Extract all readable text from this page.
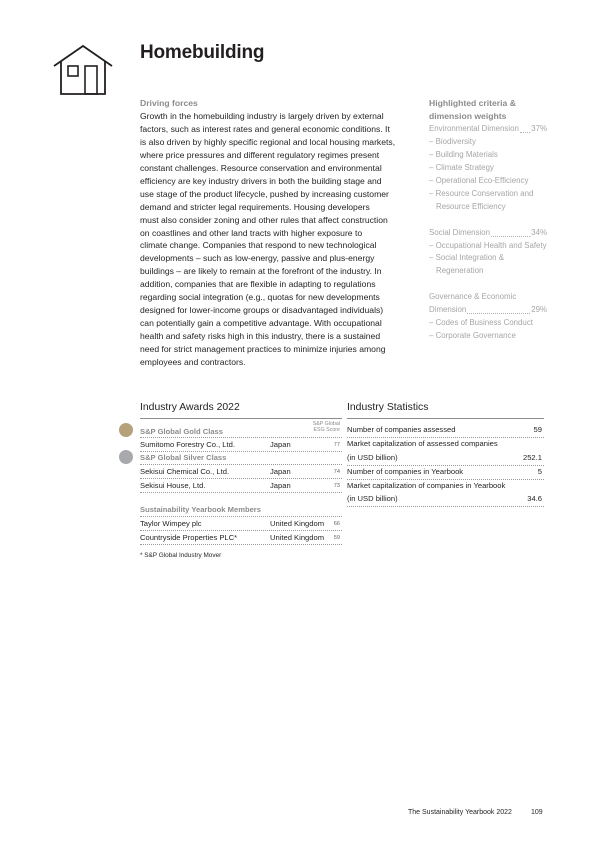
Homebuilding
Driving forces

Growth in the homebuilding industry is largely driven by external

factors, such as interest rates and general economic conditions. It

is also driven by highly specific regional and local housing markets,

where price pressures and different regulatory regimes present

constant challenges. Resource conservation and environmental

efficiency are key industry drivers in both the building stage and

use stage of the product lifecycle, pushed by increasing customer

demand and stricter legal requirements. Housing developers

must also consider zoning and other rules that affect construction

on coastlines and other land tracts with higher exposure to

climate change. Companies that respond to new technological

developments – such as low-energy, passive and plus-energy

buildings – are likely to remain at the forefront of the industry. In

addition, companies that are flexible in adapting to regulations

regarding social integration (e.g., quotas for new developments

designed for lower-income groups or disadvantaged individuals)

can potentially gain a competitive advantage. With occupational

health and safety risks high in this industry, there is a sustained

need for strict management practices to minimize injuries among

employees and contractors.

Highlighted criteria &
dimension weights
Environmental Dimension 37%
– Biodiversity
– Building Materials
– Climate Strategy
– Operational Eco-Efficiency
– Resource Conservation and Resource Efficiency
Social Dimension	34%
– Occupational Health and Safety
– Social Integration & Regeneration
Governance & Economic
Dimension	29%
– Codes of Business Conduct
– Corporate Governance
Industry Awards 2022
S&P Global Gold Class
S&P Global
ESG Score
Sumitomo Forestry Co., Ltd.	Japan	77
S&P Global Silver Class
Sekisui Chemical Co., Ltd.	Japan	74
Sekisui House, Ltd.	Japan	73
Sustainability Yearbook Members
Taylor Wimpey plc	United Kingdom 66
Countryside Properties PLC*	United Kingdom 59
* S&P Global Industry Mover
Industry Statistics
Number of companies assessed	59
Market capitalization of assessed companies
(in USD billion)	252.1
Number of companies in Yearbook	5
Market capitalization of companies in Yearbook
(in USD billion)	34.6
The Sustainability Yearbook 2022	109
